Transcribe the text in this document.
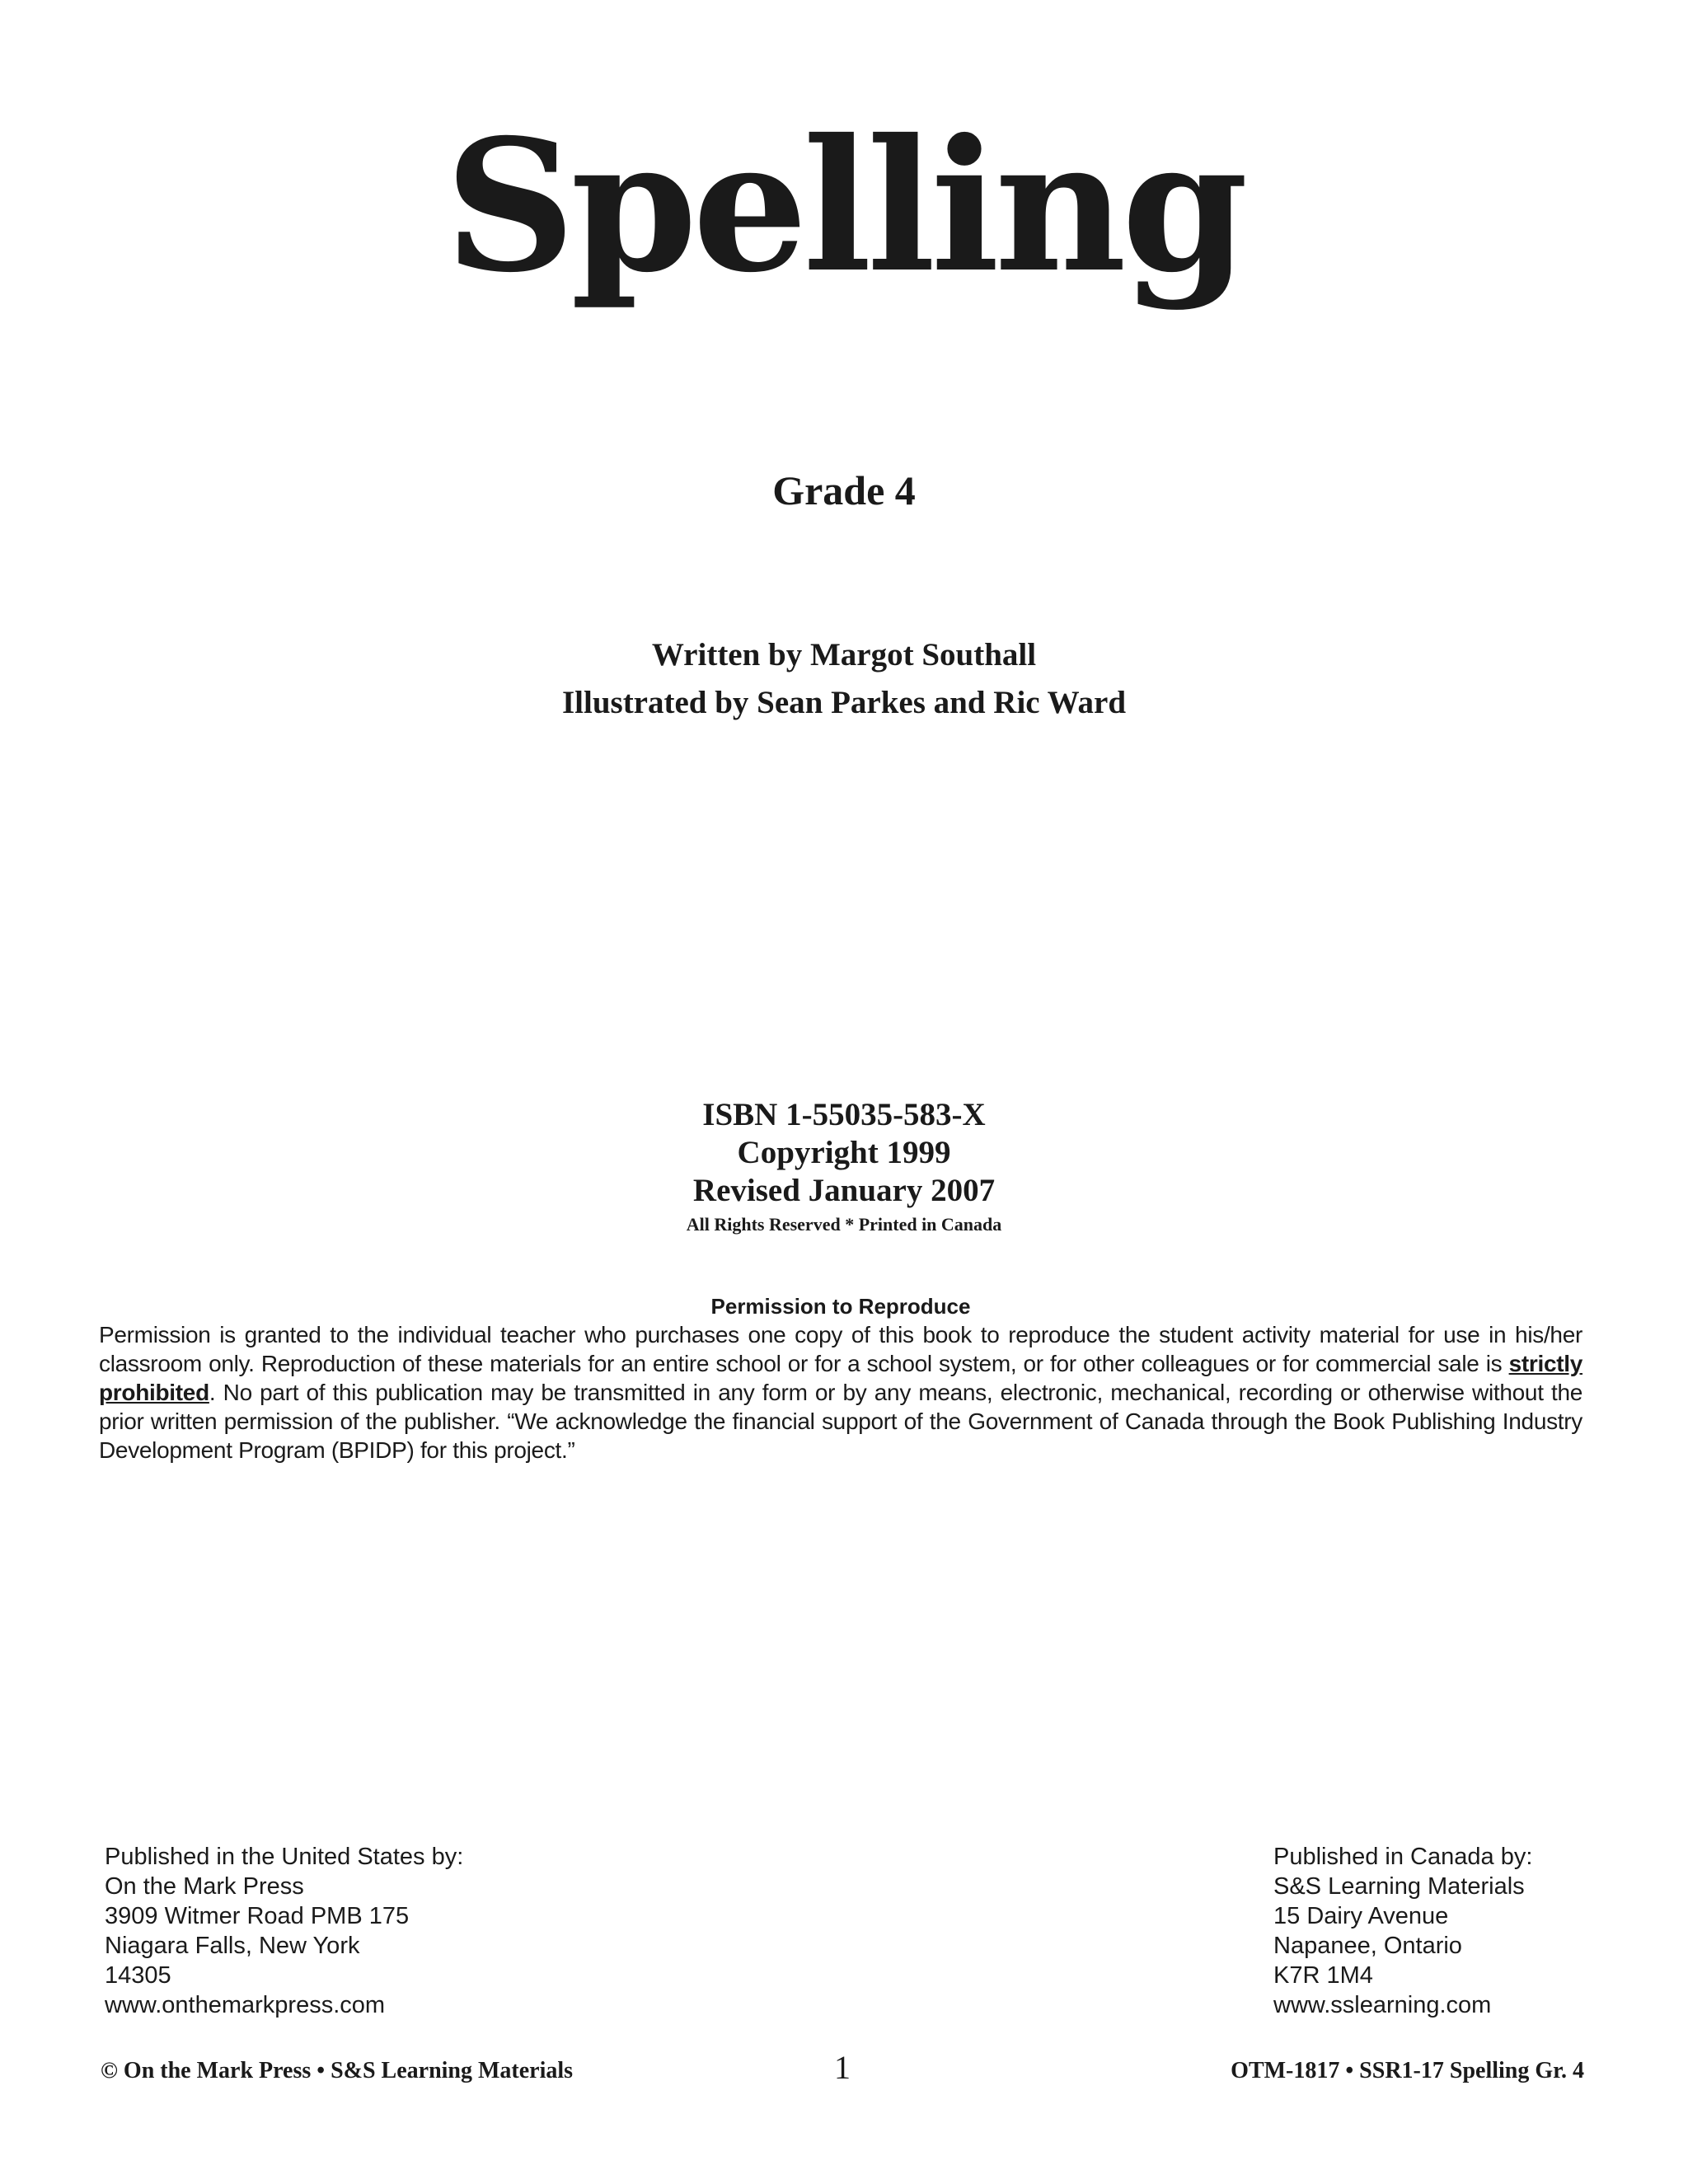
Spelling
Grade 4
Written by Margot Southall
Illustrated by Sean Parkes and Ric Ward
ISBN 1-55035-583-X
Copyright 1999
Revised January 2007
All Rights Reserved * Printed in Canada
Permission to Reproduce
Permission is granted to the individual teacher who purchases one copy of this book to reproduce the student activity material for use in his/her classroom only. Reproduction of these materials for an entire school or for a school system, or for other colleagues or for commercial sale is strictly prohibited. No part of this publication may be transmitted in any form or by any means, electronic, mechanical, recording or otherwise without the prior written permission of the publisher. “We acknowledge the financial support of the Government of Canada through the Book Publishing Industry Development Program (BPIDP) for this project.”
Published in the United States by:
On the Mark Press
3909 Witmer Road PMB 175
Niagara Falls, New York
14305
www.onthemarkpress.com
Published in Canada by:
S&S Learning Materials
15 Dairy Avenue
Napanee, Ontario
K7R 1M4
www.sslearning.com
© On the Mark Press • S&S Learning Materials	1	OTM-1817 • SSR1-17 Spelling Gr. 4
